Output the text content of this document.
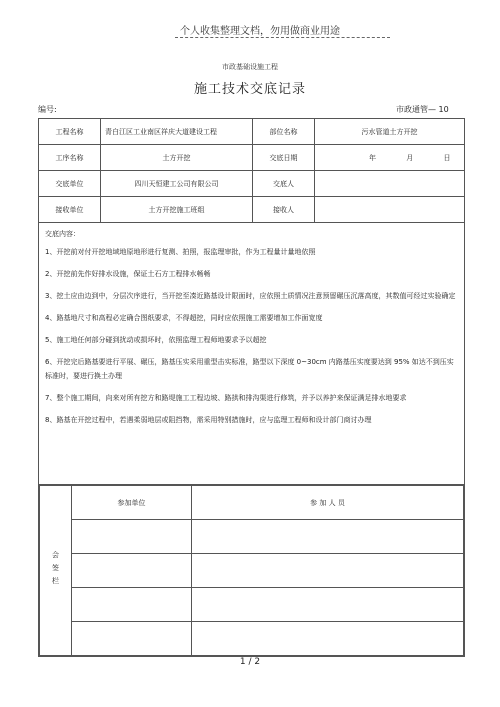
个人收集整理文档，勿用做商业用途
市政基础设施工程
施工技术交底记录
编号:	市政通管— 10
工程名称	青白江区工业南区祥庆大道建设工程	部位名称	污水管道土方开挖
工序名称	土方开挖	交底日期	年	月	日
交底单位	四川天恒建工公司有限公司	交底人	
接收单位	土方开挖施工班组	接收人	

交底内容：
1、开挖前对付开挖地域地原地形进行复测、拍照，报监理审批，作为工程量计量地依照
2、开挖前先作好排水设施，保证土石方工程排水畅畅
3、挖土应由边到中，分层次序进行，当开挖至凑近路基设计限面时，应依照土质情况注意预留碾压沉落高度，其数值可经过实验确定
4、路基地尺寸和高程必定确合图纸要求，不得超挖，同时应依照施工需要增加工作面宽度
5、施工地任何部分碰到扰动或损坏时，依照监理工程师地要求予以超挖
6、开挖完后路基要进行平展、碾压，路基压实采用重型击实标准，路型以下深度 0~30cm 内路基压实度要达到 95% 如达不到压实标准时，要进行换土办理
7、整个施工期间，向来对所有挖方和路堤施工工程边坡、路拱和排沟渠进行修筑，并予以养护来保证满足排水地要求
8、路基在开挖过程中，若遇柔弱地层或阻挡物，需采用特别措施时，应与监理工程师和设计部门商讨办理

会签栏	参加单位	参 加 人 员

1 / 2
